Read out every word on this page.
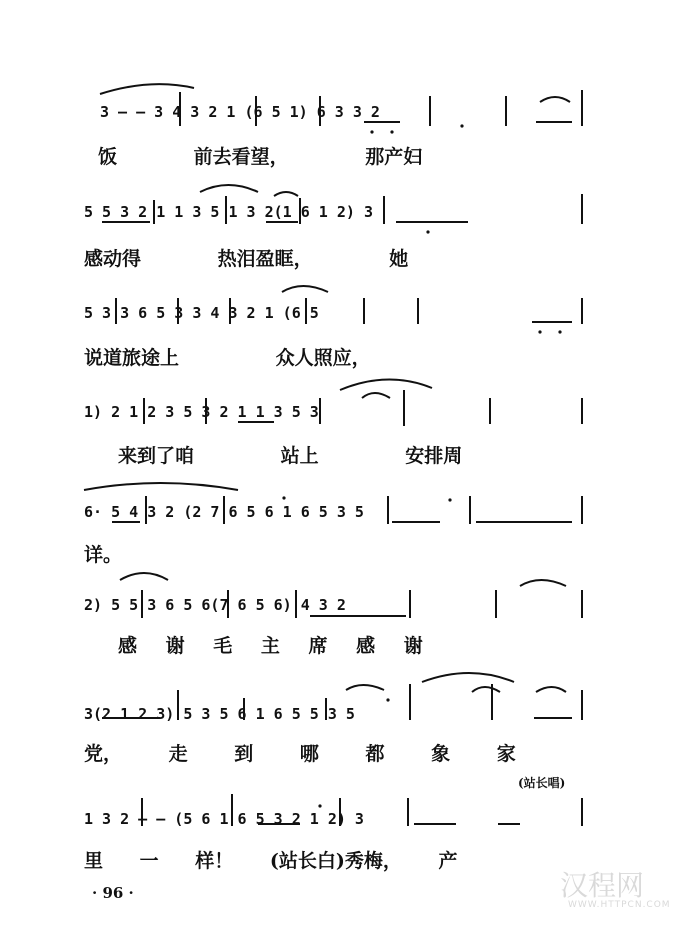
3 — — 3 4 3 2 1 (6 5 1) 6 3 3 2
饭 前去看望， 那产妇
5 5 3 2 1 1 3 5 1 3 2(1 6 1 2) 3
感动得 热泪盈眶， 她
5 3 3 6 5 3 3 4 3 2 1 (6 5
说道旅途上 众人照应，
1) 2 1 2 3 5 3 2 1 1 3 5 3
来到了咱 站上 安排周
6· 5 4 3 2 (2 7 6 5 6 1 6 5 3 5
详。
2) 5 5 3 6 5 6(7 6 5 6) 4 3 2
感 谢 毛 主 席 感 谢
3(2 1 2 3) 5 3 5 6 1 6 5 5 3 5
党， 走 到 哪 都 象 家
(站长唱)
1 3 2 — — (5 6 1 6 5 3 2 1 2) 3
里 一 样！ (站长白)秀梅， 产
· 96 ·	汉程网
WWW.HTTPCN.COM
